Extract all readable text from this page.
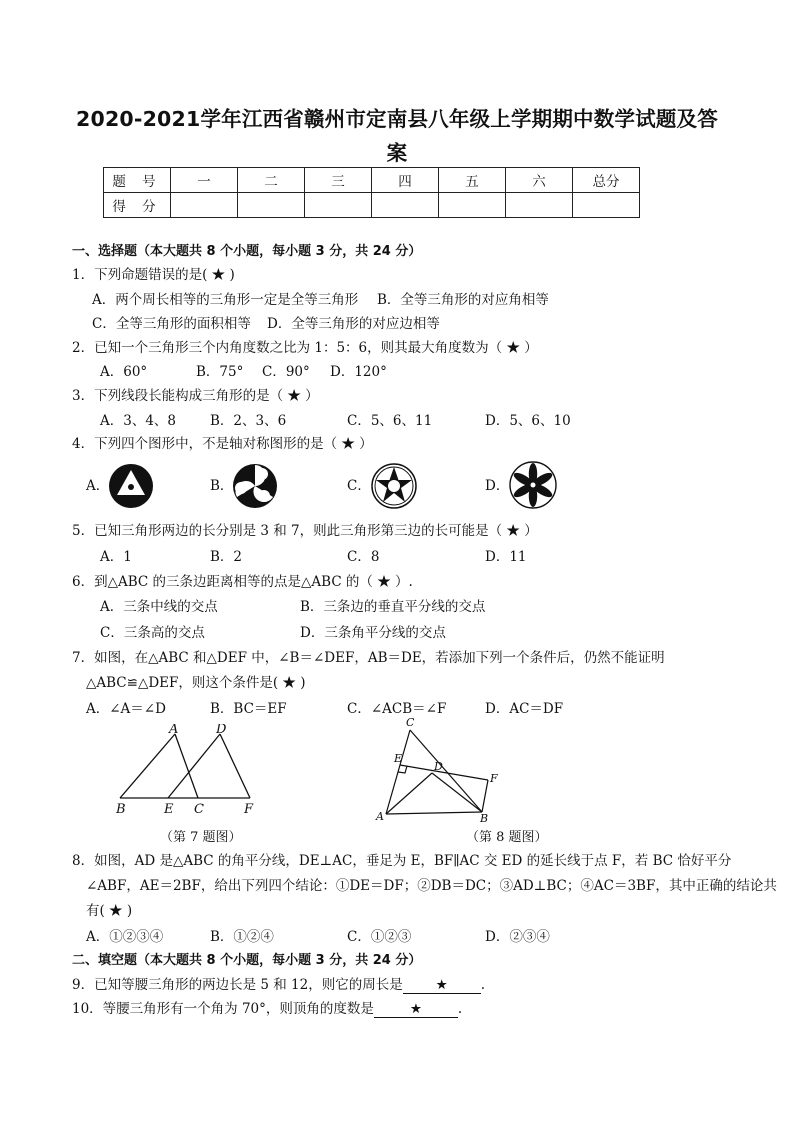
2020-2021学年江西省赣州市定南县八年级上学期期中数学试题及答
案
题 号	一	二	三	四	五	六	总分
得 分							
一、选择题（本大题共 8 个小题，每小题 3 分，共 24 分）
1．下列命题错误的是( ★ )
A．两个周长相等的三角形一定是全等三角形 B．全等三角形的对应角相等
C．全等三角形的面积相等 D．全等三角形的对应边相等
2．已知一个三角形三个内角度数之比为 1：5：6，则其最大角度数为（ ★ ）
A．60°	B．75° C．90° D．120°
3．下列线段长能构成三角形的是（ ★ ）
A．3、4、8	B．2、3、6	C．5、6、11	D．5、6、10
4．下列四个图形中，不是轴对称图形的是（ ★ ）
A．	B．	C．	D．
5．已知三角形两边的长分别是 3 和 7，则此三角形第三边的长可能是（ ★ ）
A．1	B．2	C．8	D．11
6．到△ABC 的三条边距离相等的点是△ABC 的（ ★ ）.
A．三条中线的交点	B．三条边的垂直平分线的交点
C．三条高的交点	D．三条角平分线的交点
7．如图，在△ABC 和△DEF 中，∠B＝∠DEF，AB＝DE，若添加下列一个条件后，仍然不能证明
△ABC≌△DEF，则这个条件是( ★ )
A．∠A＝∠D	B．BC＝EF	C．∠ACB＝∠F	D．AC＝DF
A	D
B	E C	F
（第 7 题图）
C
E
D
F
A	B
（第 8 题图）
8．如图，AD 是△ABC 的角平分线，DE⊥AC，垂足为 E，BF∥AC 交 ED 的延长线于点 F，若 BC 恰好平分
∠ABF，AE＝2BF，给出下列四个结论：①DE＝DF；②DB＝DC；③AD⊥BC；④AC＝3BF，其中正确的结论共
有( ★ )
A．①②③④	B．①②④	C．①②③	D．②③④
二、填空题（本大题共 8 个小题，每小题 3 分，共 24 分）
9．已知等腰三角形的两边长是 5 和 12，则它的周长是 ★ .
10．等腰三角形有一个角为 70°，则顶角的度数是	★	.
